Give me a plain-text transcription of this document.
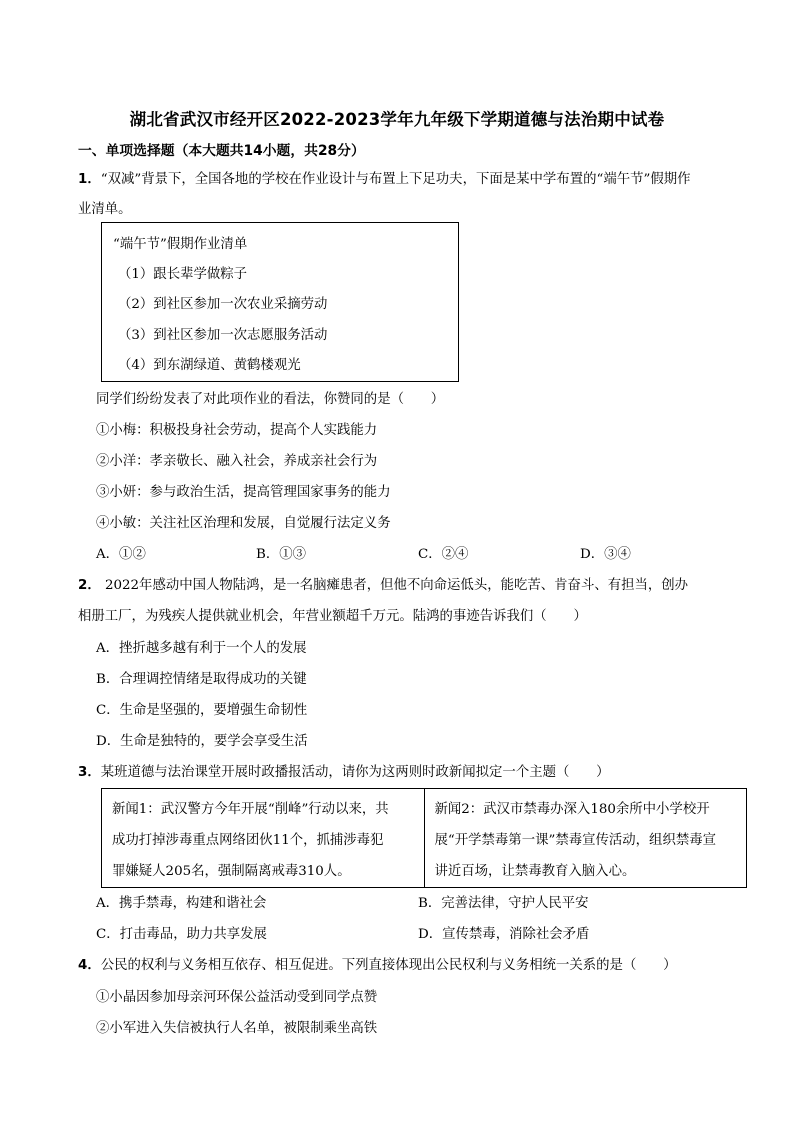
湖北省武汉市经开区2022-2023学年九年级下学期道德与法治期中试卷
一、单项选择题（本大题共14小题，共28分）
1．“双减”背景下，全国各地的学校在作业设计与布置上下足功夫，下面是某中学布置的“端午节”假期作
业清单。
“端午节”假期作业清单
（1）跟长辈学做粽子
（2）到社区参加一次农业采摘劳动
（3）到社区参加一次志愿服务活动
（4）到东湖绿道、黄鹤楼观光
同学们纷纷发表了对此项作业的看法，你赞同的是（　　）
①小梅：积极投身社会劳动，提高个人实践能力
②小洋：孝亲敬长、融入社会，养成亲社会行为
③小妍：参与政治生活，提高管理国家事务的能力
④小敏：关注社区治理和发展，自觉履行法定义务
A．①②	B．①③	C．②④	D．③④
2． 2022年感动中国人物陆鸿，是一名脑瘫患者，但他不向命运低头，能吃苦、肯奋斗、有担当，创办
相册工厂，为残疾人提供就业机会，年营业额超千万元。陆鸿的事迹告诉我们（　　）
A．挫折越多越有利于一个人的发展
B．合理调控情绪是取得成功的关键
C．生命是坚强的，要增强生命韧性
D．生命是独特的，要学会享受生活
3．某班道德与法治课堂开展时政播报活动，请你为这两则时政新闻拟定一个主题（　　）
新闻1：武汉警方今年开展“削峰”行动以来，共
成功打掉涉毒重点网络团伙11个，抓捕涉毒犯
罪嫌疑人205名，强制隔离戒毒310人。

新闻2：武汉市禁毒办深入180余所中小学校开
展“开学禁毒第一课”禁毒宣传活动，组织禁毒宣
讲近百场，让禁毒教育入脑入心。
A．携手禁毒，构建和谐社会	B．完善法律，守护人民平安
C．打击毒品，助力共享发展	D．宣传禁毒，消除社会矛盾
4．公民的权利与义务相互依存、相互促进。下列直接体现出公民权利与义务相统一关系的是（　　）
①小晶因参加母亲河环保公益活动受到同学点赞
②小军进入失信被执行人名单，被限制乘坐高铁
